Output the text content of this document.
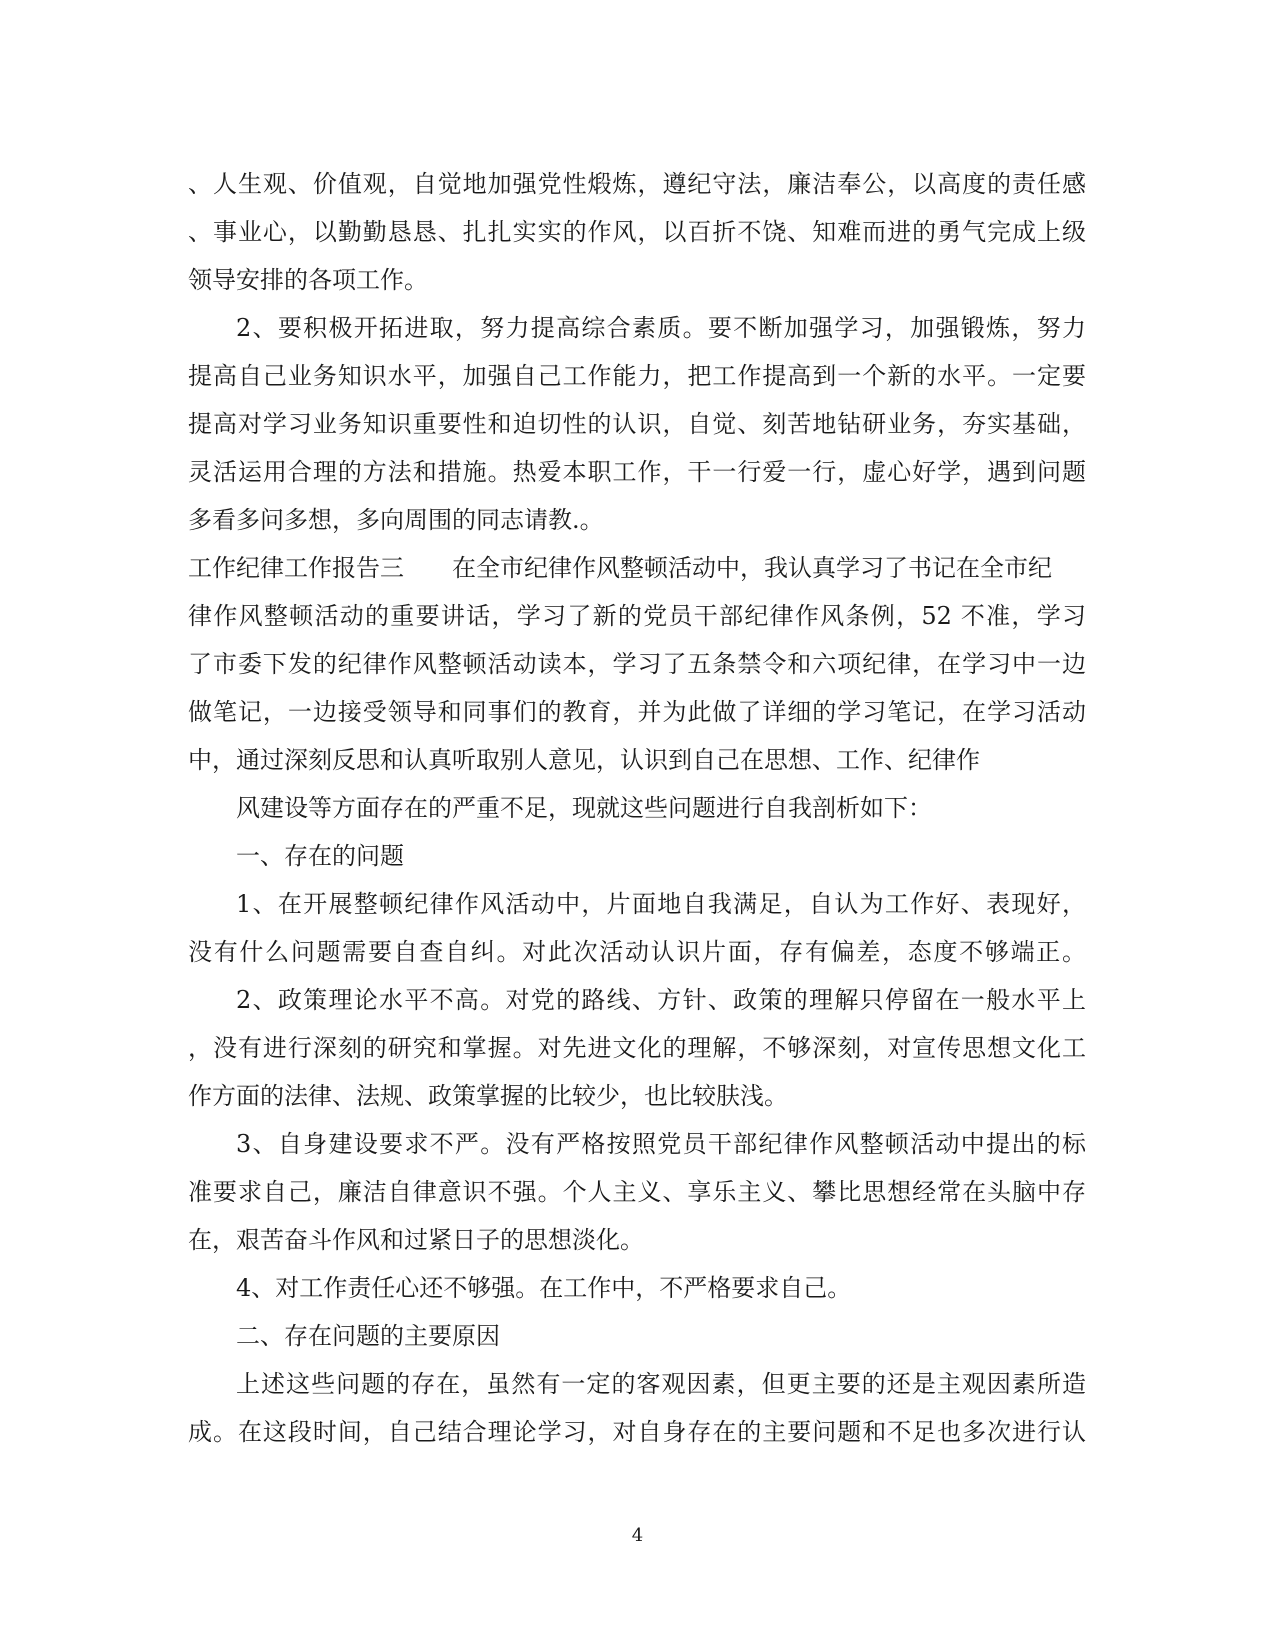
、人生观、价值观，自觉地加强党性煅炼，遵纪守法，廉洁奉公，以高度的责任感
、事业心，以勤勤恳恳、扎扎实实的作风，以百折不饶、知难而进的勇气完成上级
领导安排的各项工作。
2、要积极开拓进取，努力提高综合素质。要不断加强学习，加强锻炼，努力
提高自己业务知识水平，加强自己工作能力，把工作提高到一个新的水平。一定要
提高对学习业务知识重要性和迫切性的认识，自觉、刻苦地钻研业务，夯实基础，
灵活运用合理的方法和措施。热爱本职工作，干一行爱一行，虚心好学，遇到问题
多看多问多想，多向周围的同志请教.。
工作纪律工作报告三 在全市纪律作风整顿活动中，我认真学习了书记在全市纪
律作风整顿活动的重要讲话，学习了新的党员干部纪律作风条例，52 不准，学习
了市委下发的纪律作风整顿活动读本，学习了五条禁令和六项纪律，在学习中一边
做笔记，一边接受领导和同事们的教育，并为此做了详细的学习笔记，在学习活动
中，通过深刻反思和认真听取别人意见，认识到自己在思想、工作、纪律作
风建设等方面存在的严重不足，现就这些问题进行自我剖析如下：
一、存在的问题
1、在开展整顿纪律作风活动中，片面地自我满足，自认为工作好、表现好，
没有什么问题需要自查自纠。对此次活动认识片面，存有偏差，态度不够端正。
2、政策理论水平不高。对党的路线、方针、政策的理解只停留在一般水平上
，没有进行深刻的研究和掌握。对先进文化的理解，不够深刻，对宣传思想文化工
作方面的法律、法规、政策掌握的比较少，也比较肤浅。
3、自身建设要求不严。没有严格按照党员干部纪律作风整顿活动中提出的标
准要求自己，廉洁自律意识不强。个人主义、享乐主义、攀比思想经常在头脑中存
在，艰苦奋斗作风和过紧日子的思想淡化。
4、对工作责任心还不够强。在工作中，不严格要求自己。
二、存在问题的主要原因
上述这些问题的存在，虽然有一定的客观因素，但更主要的还是主观因素所造
成。在这段时间，自己结合理论学习，对自身存在的主要问题和不足也多次进行认
4
